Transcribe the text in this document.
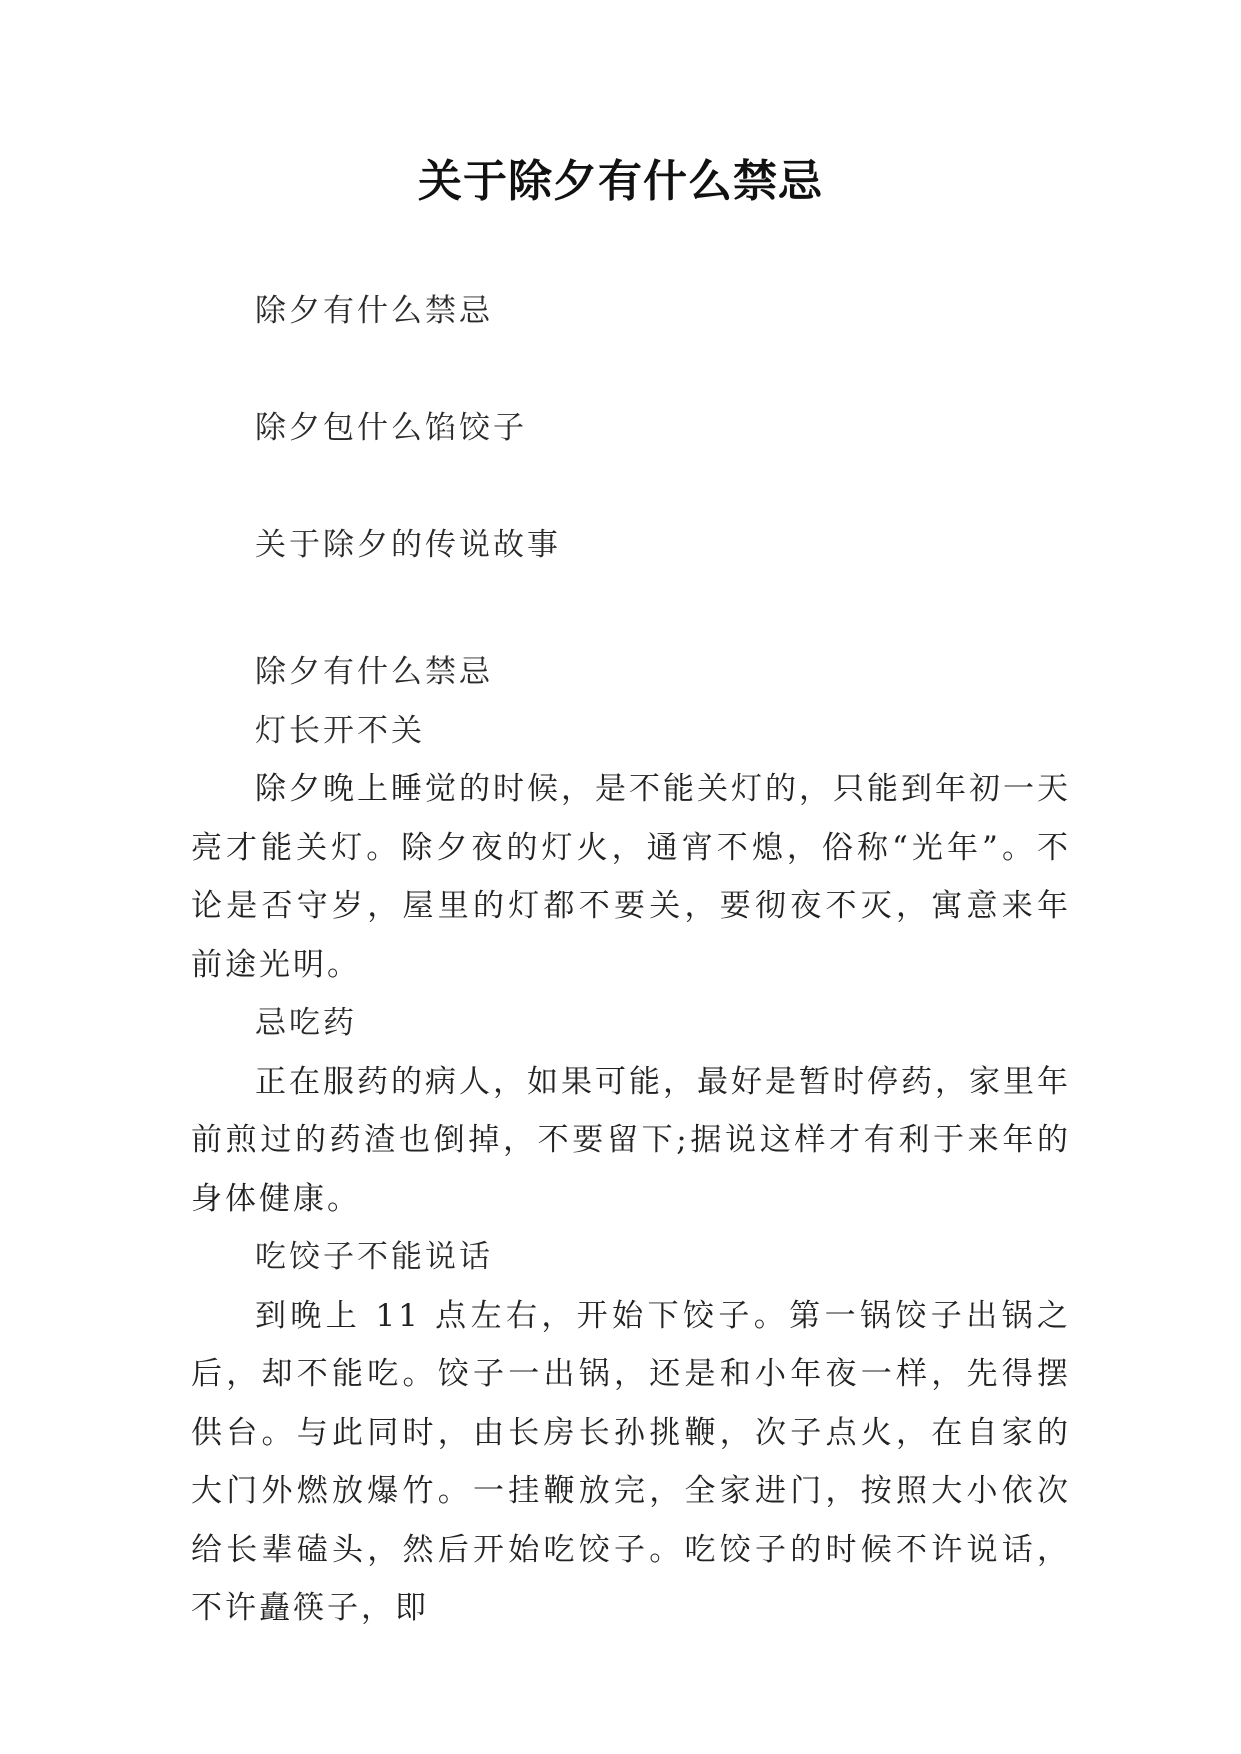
关于除夕有什么禁忌
除夕有什么禁忌
除夕包什么馅饺子
关于除夕的传说故事

除夕有什么禁忌

灯长开不关

除夕晚上睡觉的时候，是不能关灯的，只能到年初一天亮才能关灯。除夕夜的灯火，通宵不熄，俗称“光年”。不论是否守岁，屋里的灯都不要关，要彻夜不灭，寓意来年前途光明。

忌吃药

正在服药的病人，如果可能，最好是暂时停药，家里年前煎过的药渣也倒掉，不要留下;据说这样才有利于来年的身体健康。

吃饺子不能说话

到晚上 11 点左右，开始下饺子。第一锅饺子出锅之后，却不能吃。饺子一出锅，还是和小年夜一样，先得摆供台。与此同时，由长房长孙挑鞭，次子点火，在自家的大门外燃放爆竹。一挂鞭放完，全家进门，按照大小依次给长辈磕头，然后开始吃饺子。吃饺子的时候不许说话，不许矗筷子，即
